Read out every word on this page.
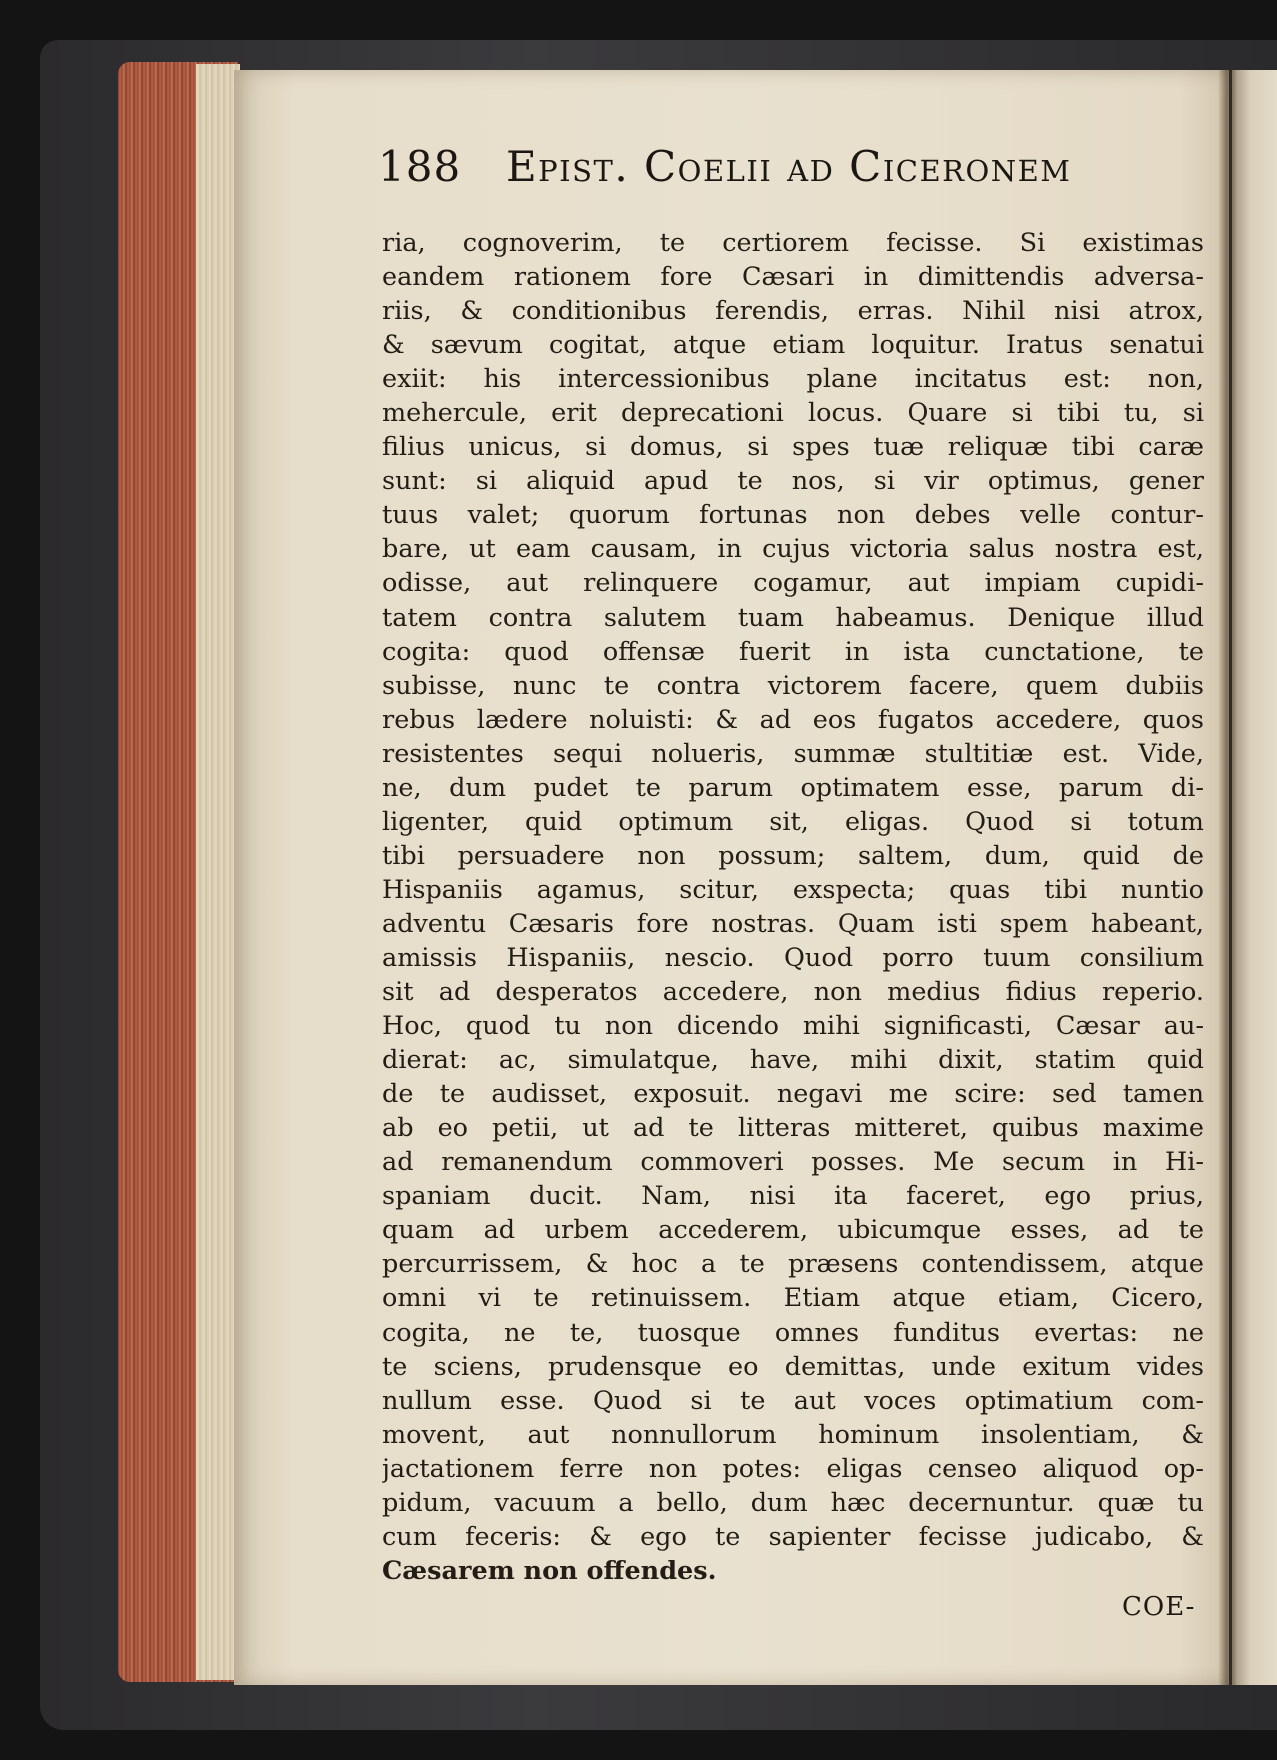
188 Epist. Coelii ad Ciceronem
ria, cognoverim, te certiorem fecisse. Si existimas
eandem rationem fore Cæsari in dimittendis adversa-
riis, & conditionibus ferendis, erras. Nihil nisi atrox,
& sævum cogitat, atque etiam loquitur. Iratus senatui
exiit: his intercessionibus plane incitatus est: non,
mehercule, erit deprecationi locus. Quare si tibi tu, si
filius unicus, si domus, si spes tuæ reliquæ tibi caræ
sunt: si aliquid apud te nos, si vir optimus, gener
tuus valet; quorum fortunas non debes velle contur-
bare, ut eam causam, in cujus victoria salus nostra est,
odisse, aut relinquere cogamur, aut impiam cupidi-
tatem contra salutem tuam habeamus. Denique illud
cogita: quod offensæ fuerit in ista cunctatione, te
subisse, nunc te contra victorem facere, quem dubiis
rebus lædere noluisti: & ad eos fugatos accedere, quos
resistentes sequi nolueris, summæ stultitiæ est. Vide,
ne, dum pudet te parum optimatem esse, parum di-
ligenter, quid optimum sit, eligas. Quod si totum
tibi persuadere non possum; saltem, dum, quid de
Hispaniis agamus, scitur, exspecta; quas tibi nuntio
adventu Cæsaris fore nostras. Quam isti spem habeant,
amissis Hispaniis, nescio. Quod porro tuum consilium
sit ad desperatos accedere, non medius fidius reperio.
Hoc, quod tu non dicendo mihi significasti, Cæsar au-
dierat: ac, simulatque, have, mihi dixit, statim quid
de te audisset, exposuit. negavi me scire: sed tamen
ab eo petii, ut ad te litteras mitteret, quibus maxime
ad remanendum commoveri posses. Me secum in Hi-
spaniam ducit. Nam, nisi ita faceret, ego prius,
quam ad urbem accederem, ubicumque esses, ad te
percurrissem, & hoc a te præsens contendissem, atque
omni vi te retinuissem. Etiam atque etiam, Cicero,
cogita, ne te, tuosque omnes funditus evertas: ne
te sciens, prudensque eo demittas, unde exitum vides
nullum esse. Quod si te aut voces optimatium com-
movent, aut nonnullorum hominum insolentiam, &
jactationem ferre non potes: eligas censeo aliquod op-
pidum, vacuum a bello, dum hæc decernuntur. quæ tu
cum feceris: & ego te sapienter fecisse judicabo, &
Cæsarem non offendes.
COE-
